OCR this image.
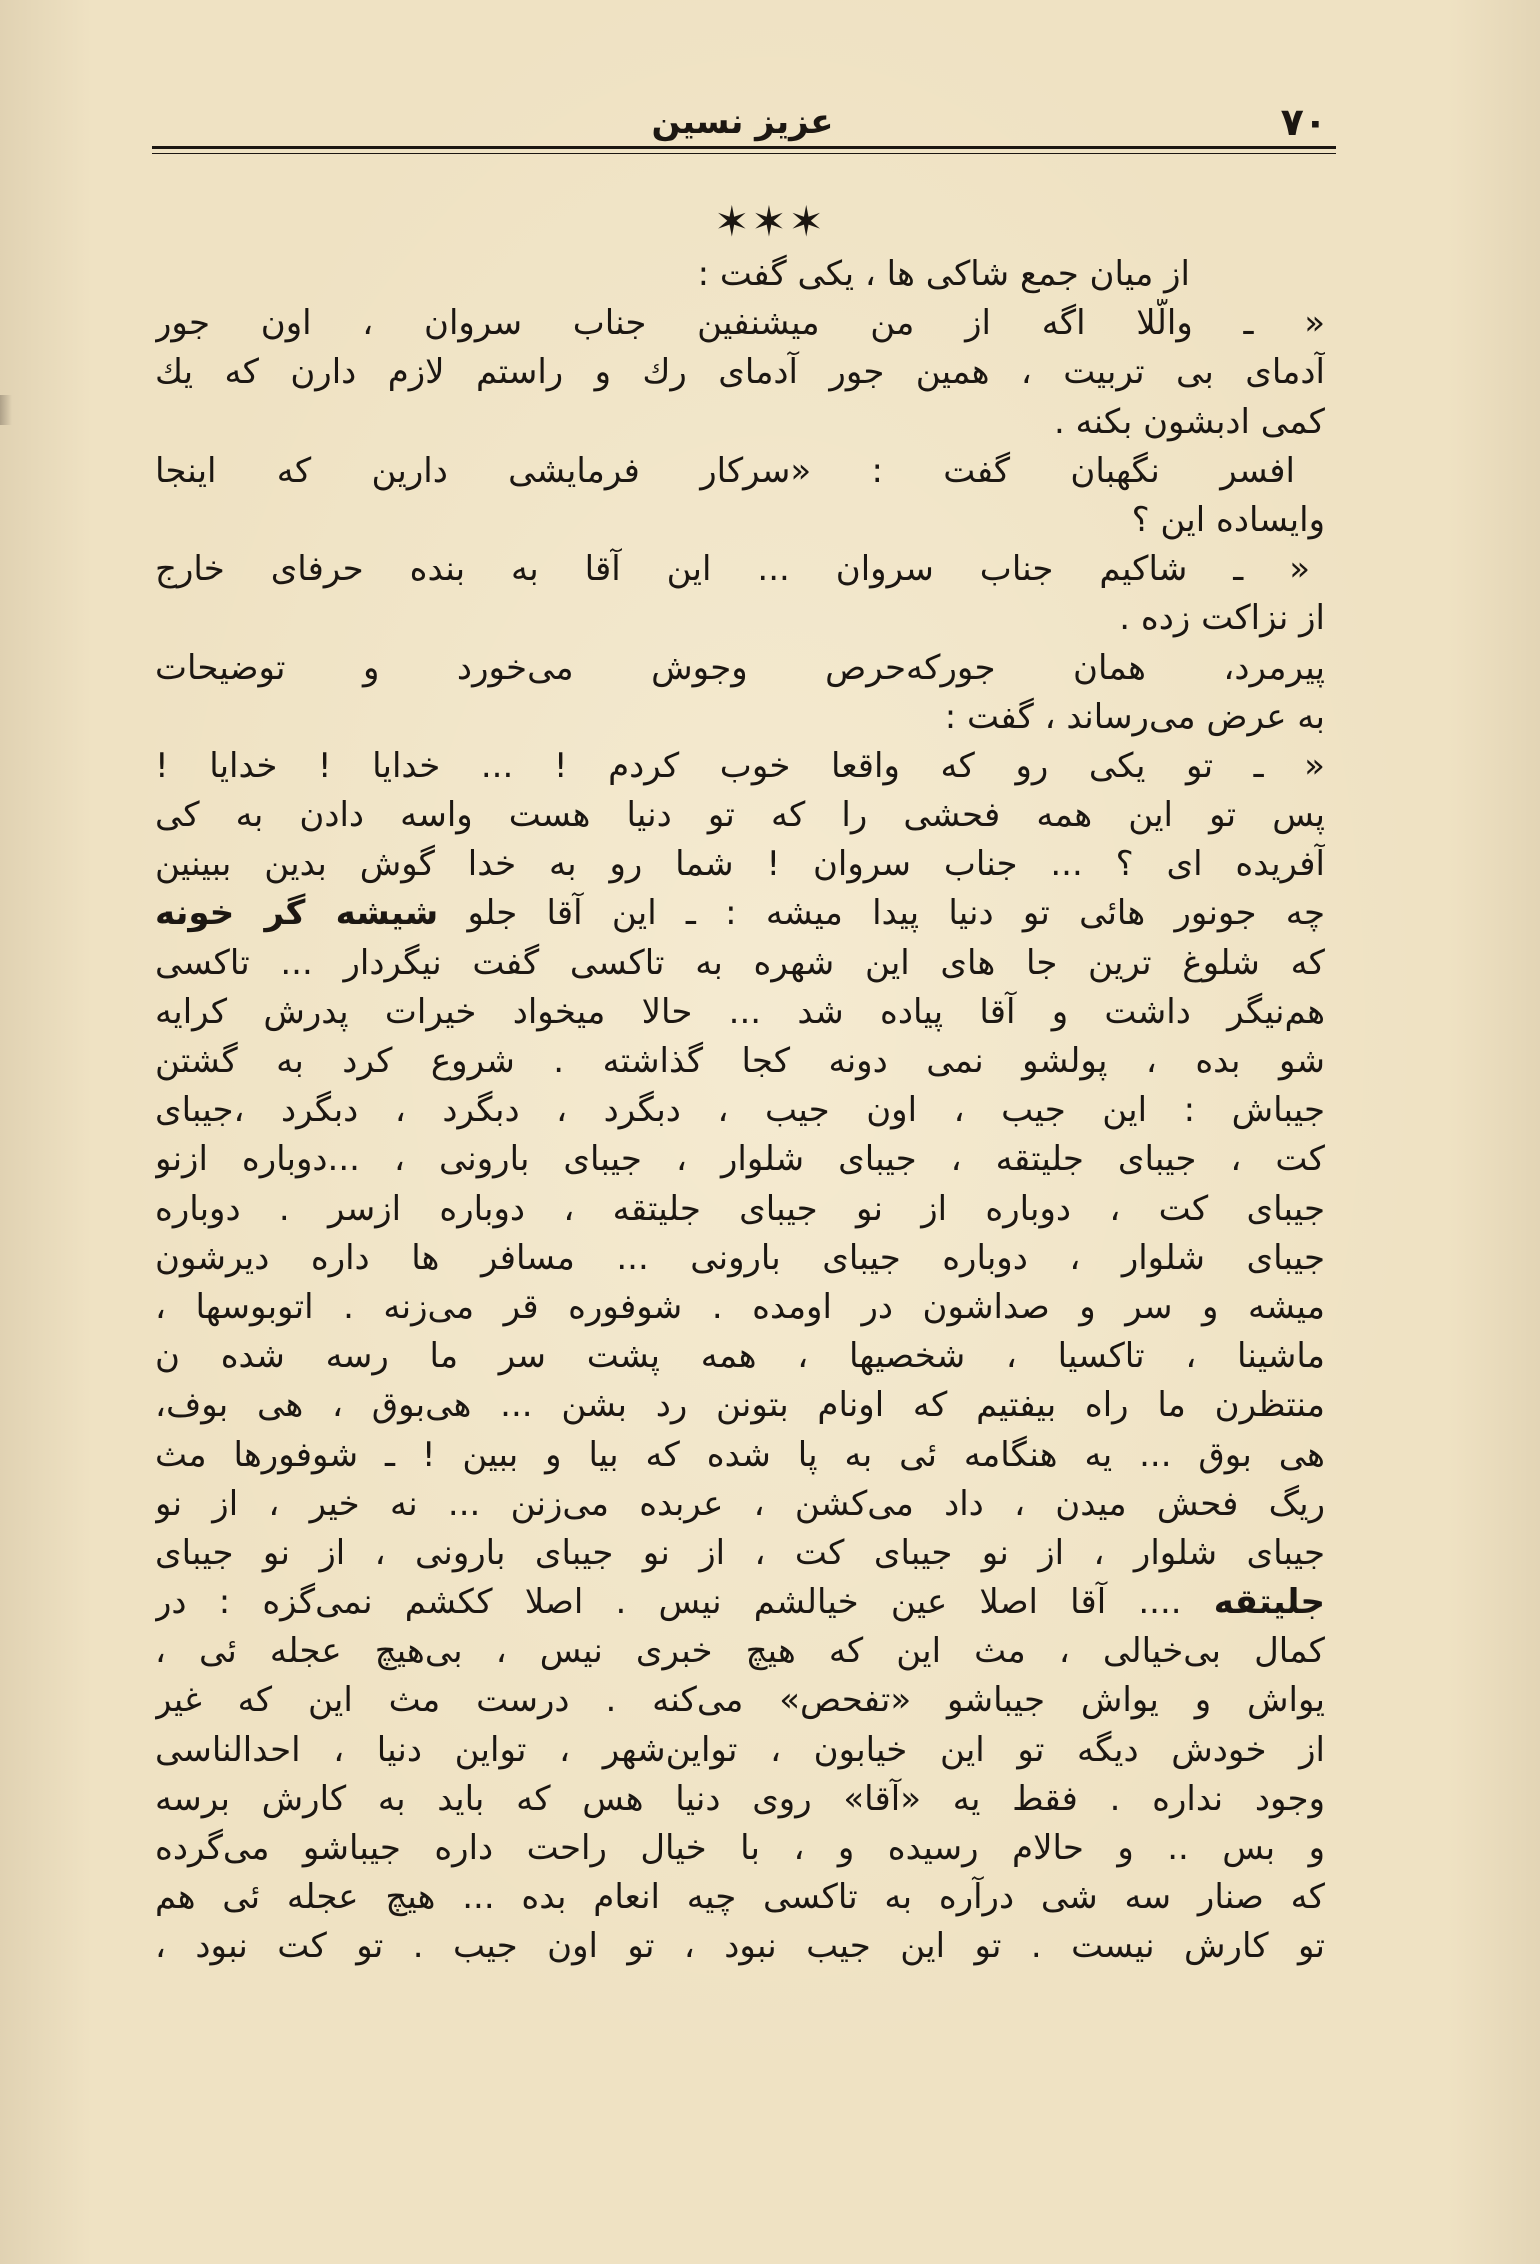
۷۰
عزیز نسین
✶✶✶
از میان جمع شاکی ها ، یکی گفت :
« ـ والّلا اگه از من میشنفین جناب سروان ، اون جور
آدمای بی تربیت ، همین جور آدمای رك و راستم لازم دارن که یك
کمی ادبشون بکنه .
افسر نگهبان گفت : «سرکار فرمایشی دارین که اینجا
وایساده این ؟
« ـ شاکیم جناب سروان ... این آقا به بنده حرفای خارج
از نزاکت زده .
پیرمرد، همان جورکه‌حرص وجوش می‌خورد و توضیحات
به عرض می‌رساند ، گفت :
« ـ تو یکی رو که واقعا خوب کردم ! ... خدایا ! خدایا !
پس تو این همه فحشی را که تو دنیا هست واسه دادن به کی
آفریده ای ؟ ... جناب سروان ! شما رو به خدا گوش بدین ببینین
چه جونور هائی تو دنیا پیدا میشه : ـ این آقا جلو شیشه گر خونه
که شلوغ ترین جا های این شهره به تاکسی گفت نیگردار ... تاکسی
هم‌نیگر داشت و آقا پیاده شد ... حالا میخواد خیرات پدرش کرایه
شو بده ، پولشو نمی دونه کجا گذاشته . شروع کرد به گشتن
جیباش : این جیب ، اون جیب ، دبگرد ، دبگرد ، دبگرد ،جیبای
کت ، جیبای جلیتقه ، جیبای شلوار ، جیبای بارونی ، ...دوباره ازنو
جیبای کت ، دوباره از نو جیبای جلیتقه ، دوباره ازسر . دوباره
جیبای شلوار ، دوباره جیبای بارونی ... مسافر ها داره دیرشون
میشه و سر و صداشون در اومده . شوفوره قر می‌زنه . اتوبوسها ،
ماشینا ، تاکسیا ، شخصیها ، همه پشت سر ما رسه شده ن
منتظرن ما راه بیفتیم که اونام بتونن رد بشن ... هی‌بوق ، هی بوف،
هی بوق ... یه هنگامه ئی به پا شده که بیا و ببین ! ـ شوفورها مث
ریگ فحش میدن ، داد می‌کشن ، عربده می‌زنن ... نه خیر ، از نو
جیبای شلوار ، از نو جیبای کت ، از نو جیبای بارونی ، از نو جیبای
جلیتقه .... آقا اصلا عین خیالشم نیس . اصلا ککشم نمی‌گزه : در
کمال بی‌خیالی ، مث این که هیچ خبری نیس ، بی‌هیچ عجله ئی ،
یواش و یواش جیباشو «تفحص» می‌کنه . درست مث این که غیر
از خودش دیگه تو این خیابون ، تواین‌شهر ، تواین دنیا ، احدالناسی
وجود نداره . فقط یه «آقا» روی دنیا هس که باید به کارش برسه
و بس .. و حالام رسیده و ، با خیال راحت داره جیباشو می‌گرده
که صنار سه شی درآره به تاکسی چیه انعام بده ... هیچ عجله ئی هم
تو کارش نیست . تو این جیب نبود ، تو اون جیب . تو کت نبود ،
